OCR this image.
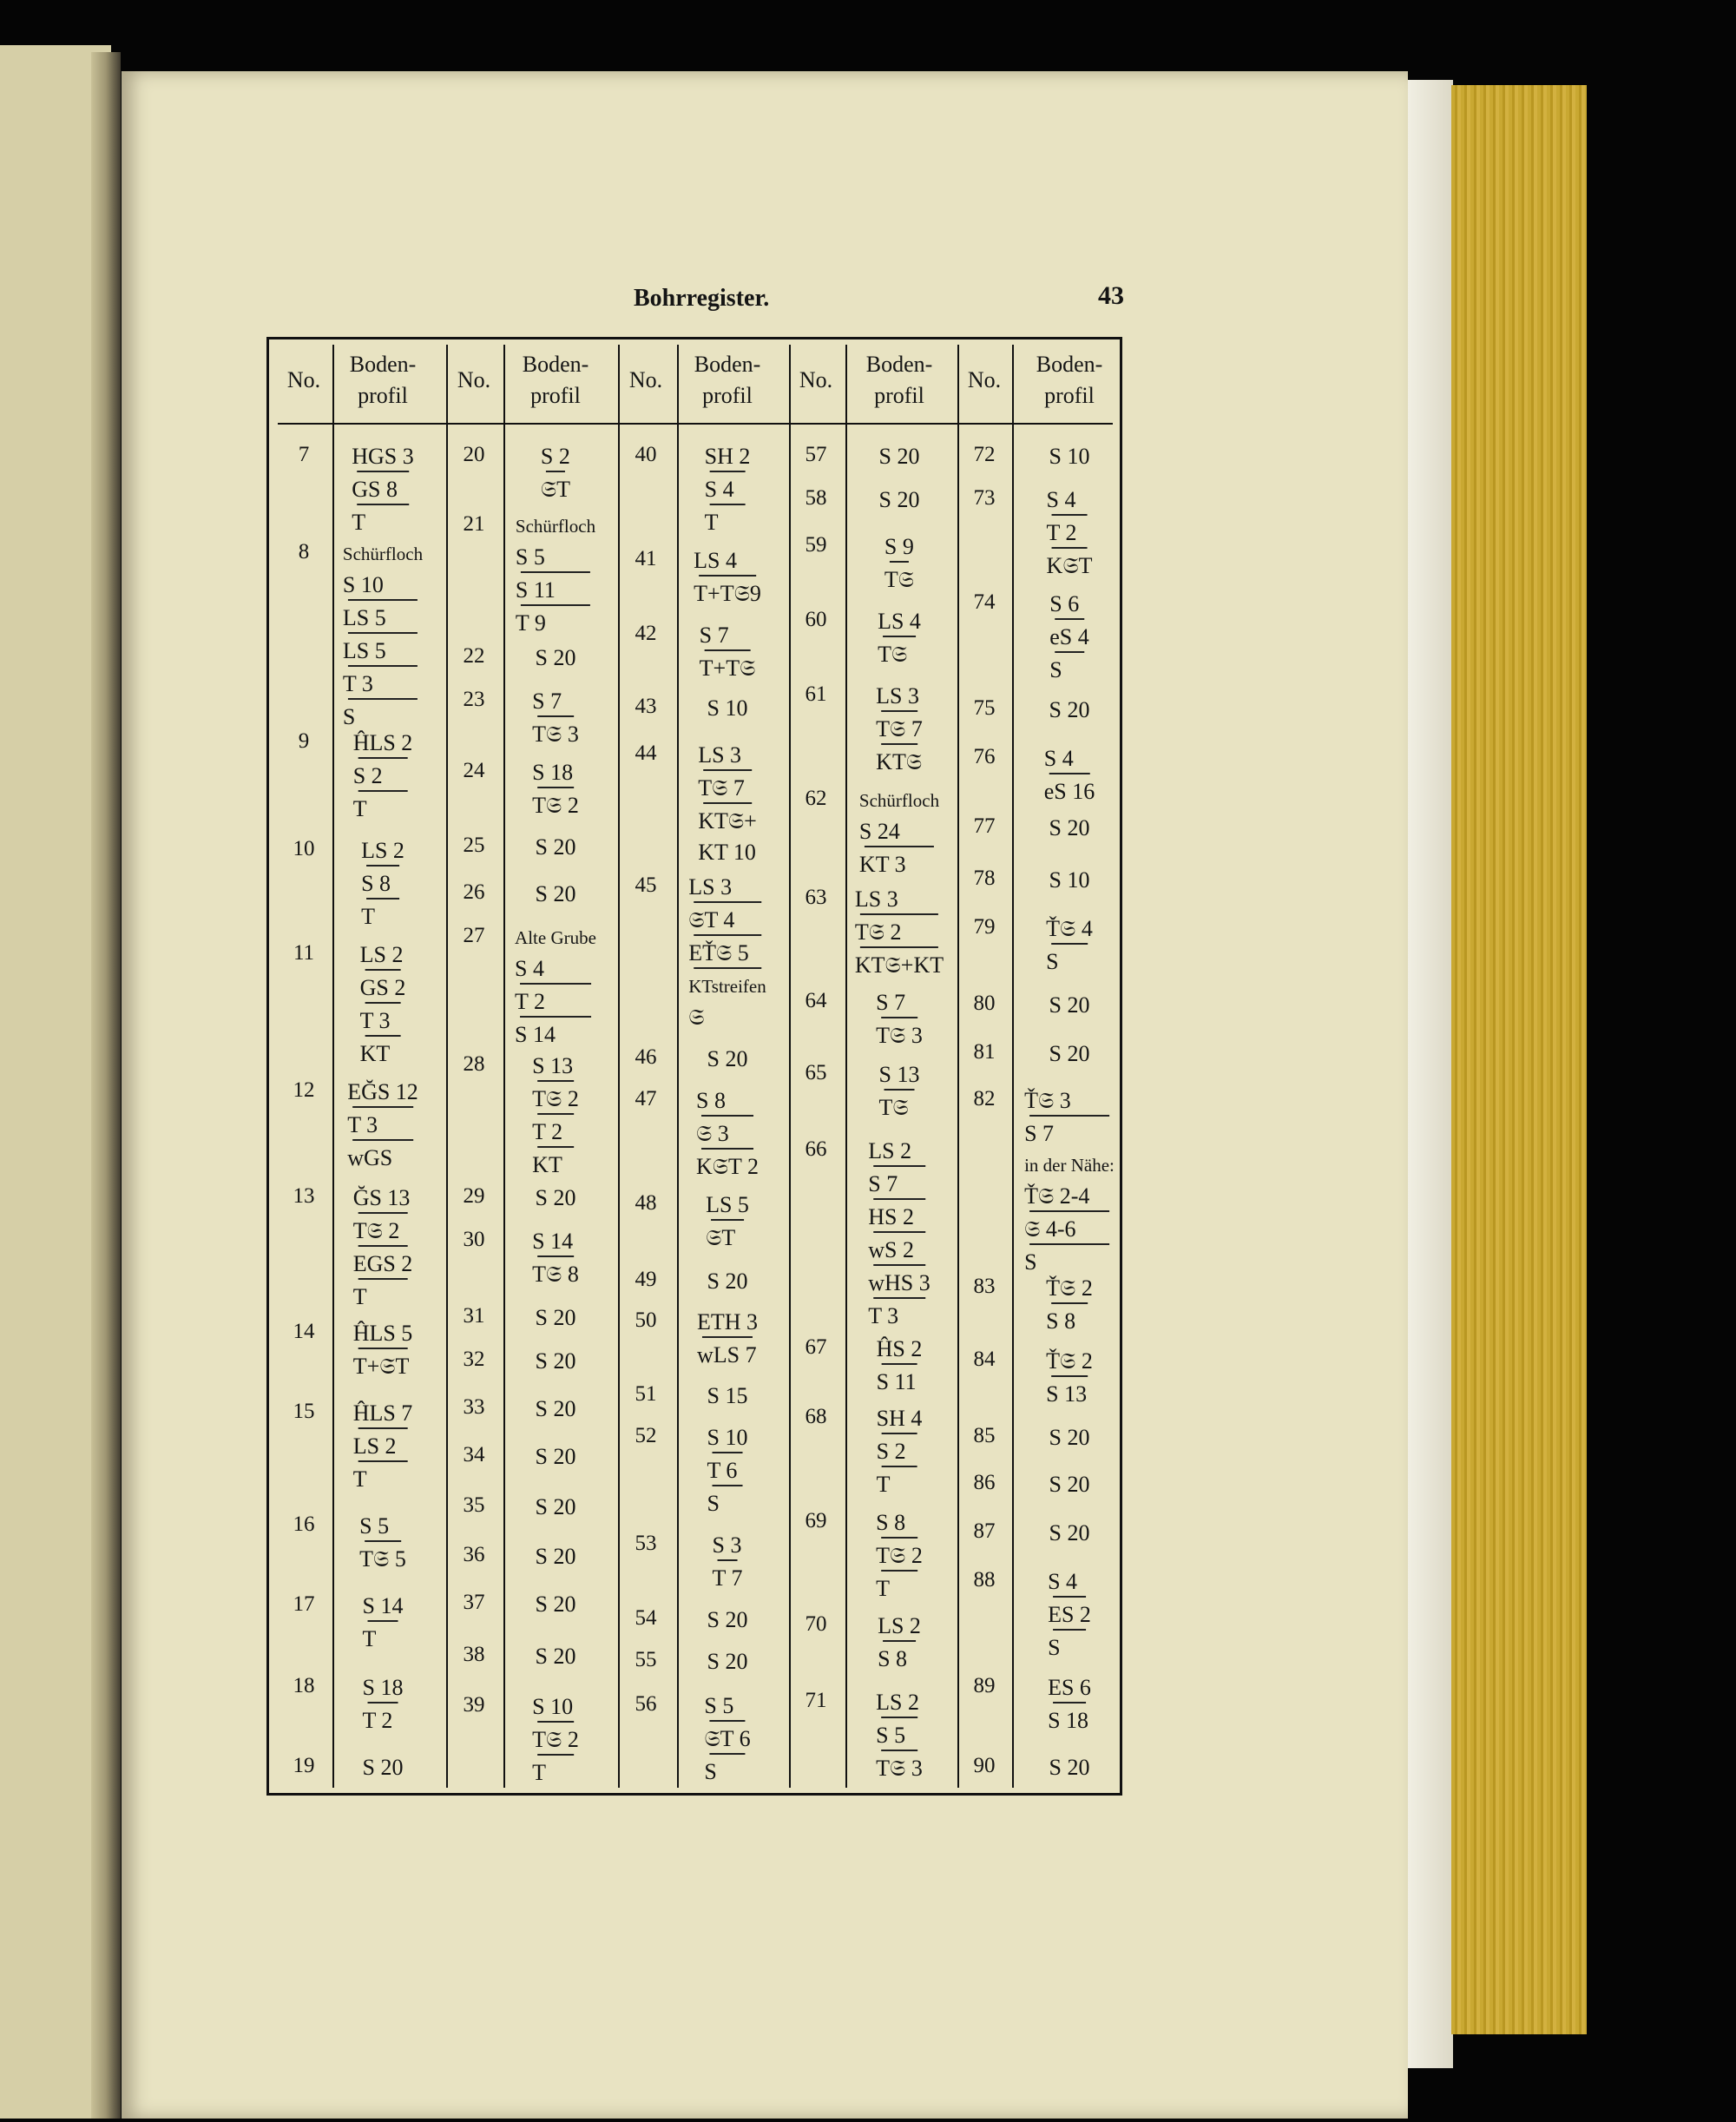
Bohrregister.	43
No.
Boden-
profil
No.
Boden-
profil
No.
Boden-
profil
No.
Boden-
profil
No.
Boden-
profil
7 HGS 3
GS 8
T
8 Schürfloch
S 10
LS 5
LS 5
T 3
S
9 ĤLS 2
S 2
T
10 LS 2
S 8
T
11 LS 2
GS 2
T 3
KT
12 EĞS 12
T 3
wGS
13 ĞS 13
T𝔖 2
EGS 2
T
14 ĤLS 5
T+𝔖T
15 ĤLS 7
LS 2
T
16 S 5
T𝔖 5
17 S 14
T
18 S 18
T 2
19 S 20
20 S 2
𝔖T
21 Schürfloch
S 5
S 11
T 9
22 S 20
23 S 7
T𝔖 3
24 S 18
T𝔖 2
25 S 20
26 S 20
27 Alte Grube
S 4
T 2
S 14
28 S 13
T𝔖 2
T 2
KT
29 S 20
30 S 14
T𝔖 8
31 S 20
32 S 20
33 S 20
34 S 20
35 S 20
36 S 20
37 S 20
38 S 20
39 S 10
T𝔖 2
T
40 SH 2
S 4
T
41 LS 4
T+T𝔖9
42 S 7
T+T𝔖
43 S 10
44 LS 3
T𝔖 7
KT𝔖+
KT 10
45 LS 3
𝔖T 4
EŤ𝔖 5
KTstreifen
𝔖
46 S 20
47 S 8
𝔖 3
K𝔖T 2
48 LS 5
𝔖T
49 S 20
50 ETH 3
wLS 7
51 S 15
52 S 10
T 6
S
53 S 3
T 7
54 S 20
55 S 20
56 S 5
𝔖T 6
S
57 S 20
58 S 20
59	S 9
T𝔖
60 LS 4
T𝔖
61 LS 3
T𝔖 7
KT𝔖
62 Schürfloch
S 24
KT 3
63 LS 3
T𝔖 2
KT𝔖+KT
64 S 7
T𝔖 3
65 S 13
T𝔖
66 LS 2
S 7
HS 2
wS 2
wHS 3
T 3
67 ĤS 2
S 11
68 SH 4
S 2
T
69 S 8
T𝔖 2
T
70 LS 2
S 8
71 LS 2
S 5
T𝔖 3
72 S 10
73 S 4
T 2
K𝔖T
74 S 6
eS 4
S
75 S 20
76 S 4
eS 16
77 S 20
78 S 10
79 Ť𝔖 4
S
80 S 20
81 S 20
82 Ť𝔖 3
S 7
in der Nähe:
Ť𝔖 2-4
𝔖 4-6
S
83 Ť𝔖 2
S 8
84 Ť𝔖 2
S 13
85 S 20
86 S 20
87 S 20
88 S 4
ES 2
S
89 ES 6
S 18
90 S 20
